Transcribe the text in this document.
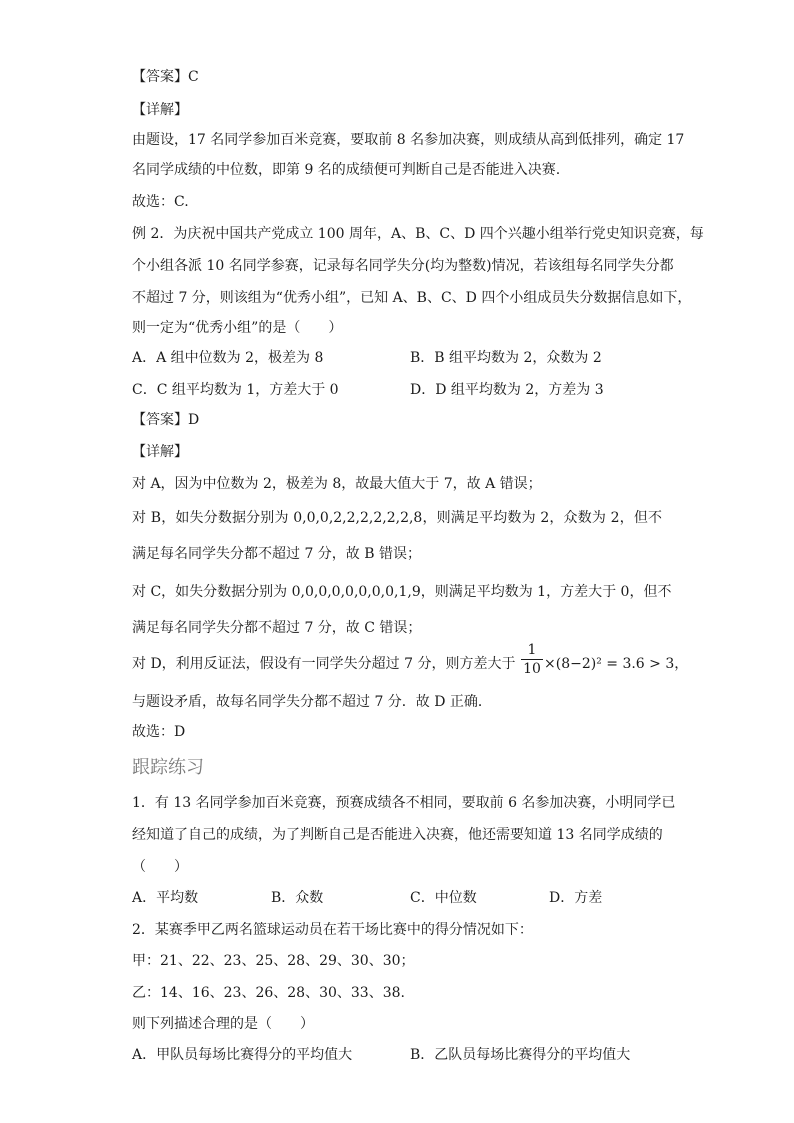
【答案】C
【详解】
由题设，17 名同学参加百米竞赛，要取前 8 名参加决赛，则成绩从高到低排列，确定 17
名同学成绩的中位数，即第 9 名的成绩便可判断自己是否能进入决赛.
故选：C.
例 2．为庆祝中国共产党成立 100 周年，A、B、C、D 四个兴趣小组举行党史知识竞赛，每
个小组各派 10 名同学参赛，记录每名同学失分(均为整数)情况，若该组每名同学失分都
不超过 7 分，则该组为“优秀小组”，已知 A、B、C、D 四个小组成员失分数据信息如下，
则一定为“优秀小组”的是（　　）
A．A 组中位数为 2，极差为 8	B．B 组平均数为 2，众数为 2
C．C 组平均数为 1，方差大于 0	D．D 组平均数为 2，方差为 3
【答案】D
【详解】
对 A，因为中位数为 2，极差为 8，故最大值大于 7，故 A 错误；
对 B，如失分数据分别为 0,0,0,2,2,2,2,2,2,8，则满足平均数为 2，众数为 2，但不
满足每名同学失分都不超过 7 分，故 B 错误；
对 C，如失分数据分别为 0,0,0,0,0,0,0,0,1,9，则满足平均数为 1，方差大于 0，但不
满足每名同学失分都不超过 7 分，故 C 错误；
对 D，利用反证法，假设有一同学失分超过 7 分，则方差大于
1
10 ×(8−2)² = 3.6 > 3，
与题设矛盾，故每名同学失分都不超过 7 分．故 D 正确．
故选：D
跟踪练习
1．有 13 名同学参加百米竞赛，预赛成绩各不相同，要取前 6 名参加决赛，小明同学已
经知道了自己的成绩，为了判断自己是否能进入决赛，他还需要知道 13 名同学成绩的
（　　）
A．平均数	B．众数	C．中位数	D．方差
2．某赛季甲乙两名篮球运动员在若干场比赛中的得分情况如下：
甲：21、22、23、25、28、29、30、30；
乙：14、16、23、26、28、30、33、38.
则下列描述合理的是（　　）
A．甲队员每场比赛得分的平均值大	B．乙队员每场比赛得分的平均值大
